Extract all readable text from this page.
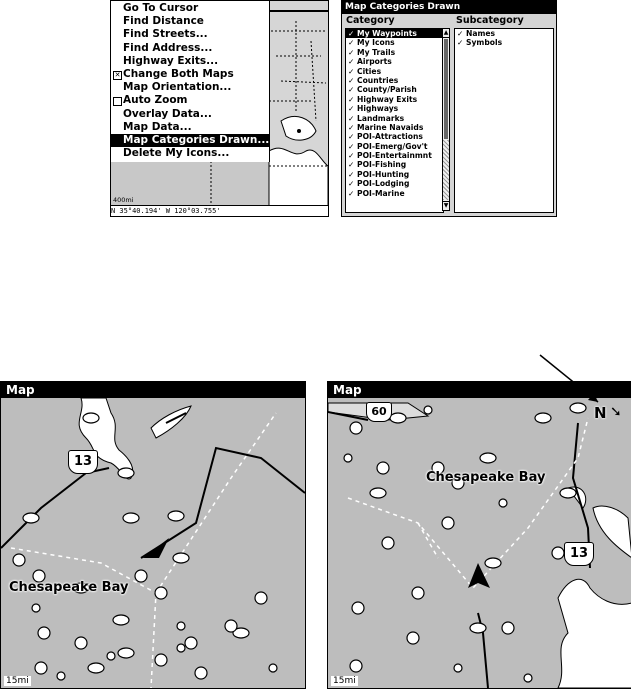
Go To Cursor
Find Distance
Find Streets...
Find Address...
Highway Exits...
✕ Change Both Maps
Map Orientation...
Auto Zoom
Overlay Data...
Map Data...
Map Categories Drawn...
Delete My Icons...
400mi
N 35°40.194' W 120°03.755'
Map Categories Drawn
Category	Subcategory
✓ My Waypoints
✓ My Icons
✓ My Trails
✓ Airports
✓ Cities
✓ Countries
✓ County/Parish
✓ Highway Exits
✓ Highways
✓ Landmarks
✓ Marine Navaids
✓ POI-Attractions
✓ POI-Emerg/Gov't
✓ POI-Entertainmnt
✓ POI-Fishing
✓ POI-Hunting
✓ POI-Lodging
✓ POI-Marine
▲
▼
✓ Names
✓ Symbols
Map
13
Chesapeake Bay
15mi
Map
60
13
Chesapeake Bay
N ➘
15mi
